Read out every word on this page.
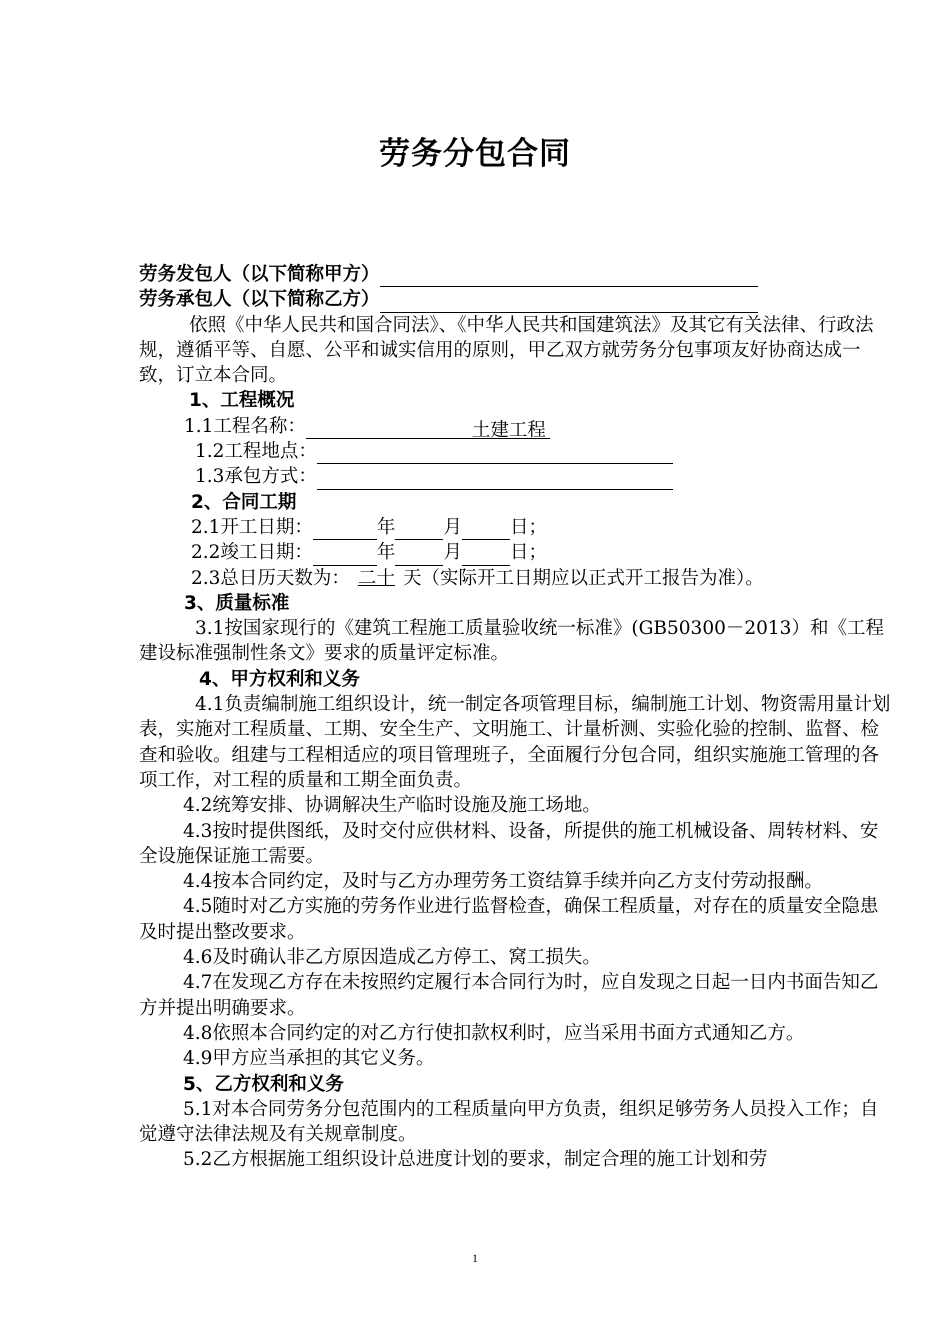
劳务分包合同
劳务发包人（以下简称甲方）
劳务承包人（以下简称乙方）
依照《中华人民共和国合同法》、《中华人民共和国建筑法》及其它有关法律、行政法规，遵循平等、自愿、公平和诚实信用的原则，甲乙双方就劳务分包事项友好协商达成一致，订立本合同。
1、工程概况
1.1工程名称：	土建工程
1.2工程地点：
1.3承包方式：
2、合同工期
2.1开工日期：	年	月	日；
2.2竣工日期：	年	月	日；
2.3总日历天数为： 二十 天（实际开工日期应以正式开工报告为准）。
3、质量标准
3.1按国家现行的《建筑工程施工质量验收统一标准》(GB50300－2013）和《工程建设标准强制性条文》要求的质量评定标准。
4、甲方权利和义务
4.1负责编制施工组织设计，统一制定各项管理目标，编制施工计划、物资需用量计划表，实施对工程质量、工期、安全生产、文明施工、计量析测、实验化验的控制、监督、检查和验收。组建与工程相适应的项目管理班子，全面履行分包合同，组织实施施工管理的各项工作，对工程的质量和工期全面负责。
4.2统筹安排、协调解决生产临时设施及施工场地。
4.3按时提供图纸，及时交付应供材料、设备，所提供的施工机械设备、周转材料、安全设施保证施工需要。
4.4按本合同约定，及时与乙方办理劳务工资结算手续并向乙方支付劳动报酬。
4.5随时对乙方实施的劳务作业进行监督检查，确保工程质量，对存在的质量安全隐患及时提出整改要求。
4.6及时确认非乙方原因造成乙方停工、窝工损失。
4.7在发现乙方存在未按照约定履行本合同行为时，应自发现之日起一日内书面告知乙方并提出明确要求。
4.8依照本合同约定的对乙方行使扣款权利时，应当采用书面方式通知乙方。
4.9甲方应当承担的其它义务。
5、乙方权利和义务
5.1对本合同劳务分包范围内的工程质量向甲方负责，组织足够劳务人员投入工作；自觉遵守法律法规及有关规章制度。
5.2乙方根据施工组织设计总进度计划的要求，制定合理的施工计划和劳
1
